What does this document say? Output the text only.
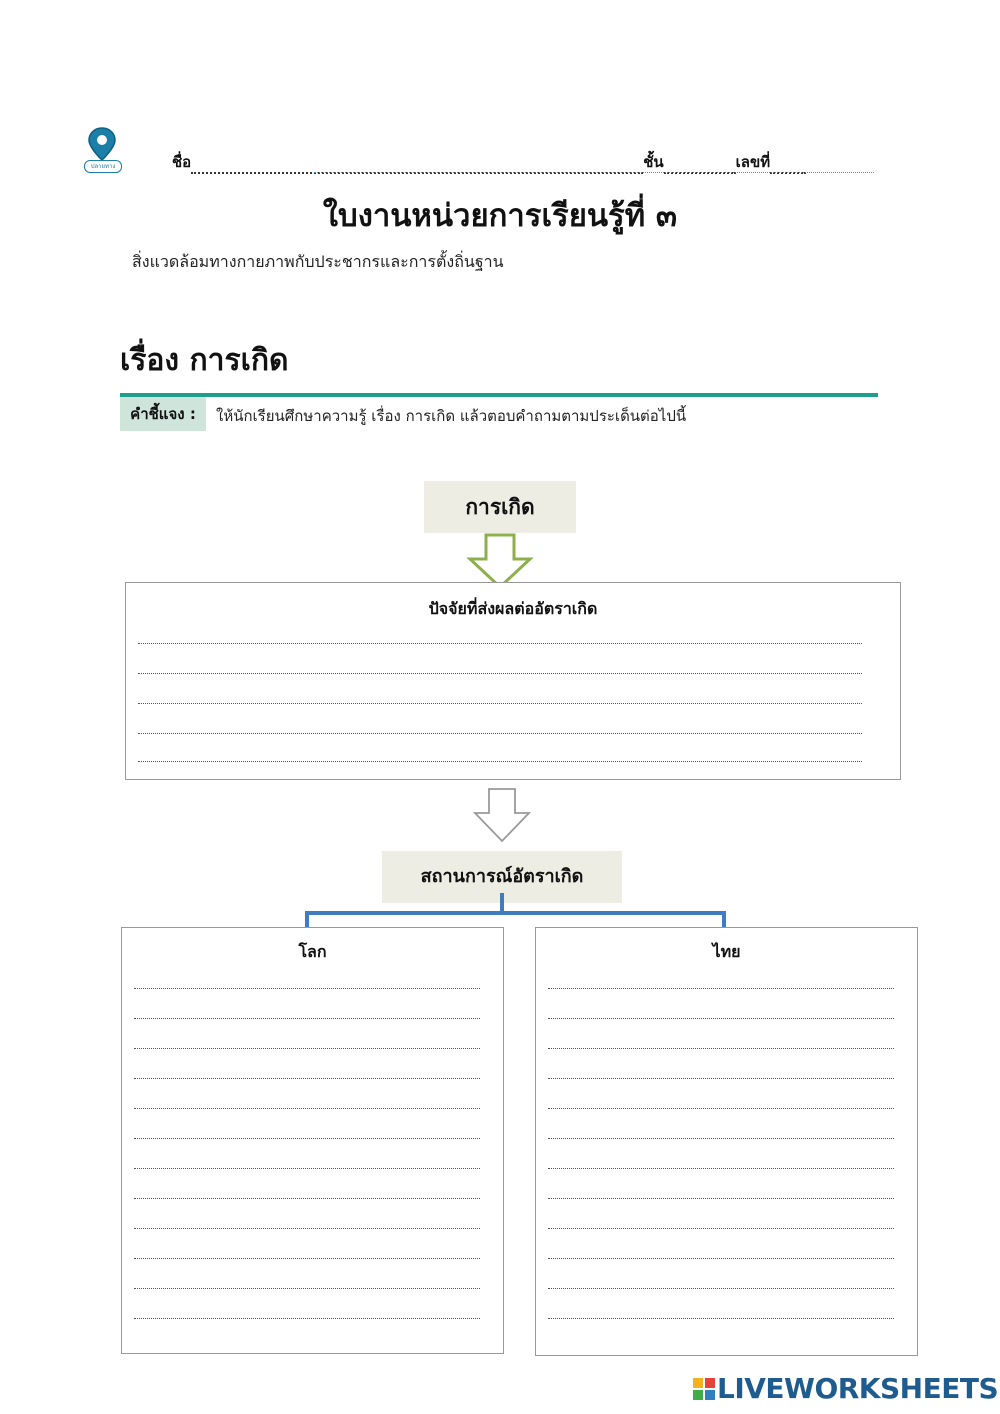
ปลายทาง	ชื่อ	ชั้น	เลขที่
ใบงานหน่วยการเรียนรู้ที่ ๓
สิ่งแวดล้อมทางกายภาพกับประชากรและการตั้งถิ่นฐาน
เรื่อง การเกิด
คำชี้แจง :	ให้นักเรียนศึกษาความรู้ เรื่อง การเกิด แล้วตอบคำถามตามประเด็นต่อไปนี้
การเกิด
ปัจจัยที่ส่งผลต่ออัตราเกิด
สถานการณ์อัตราเกิด
โลก	ไทย
LIVEWORKSHEETS
